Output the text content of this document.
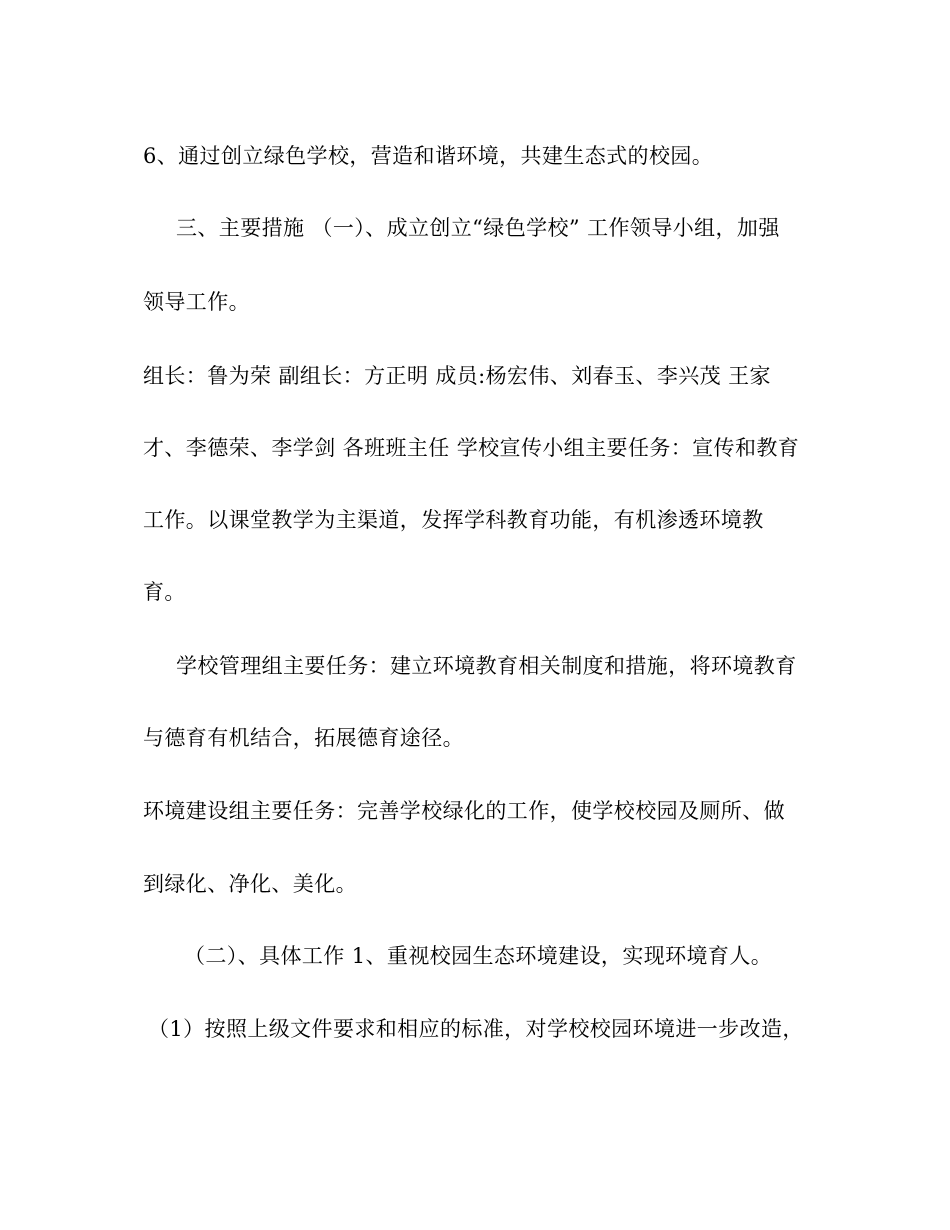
6、通过创立绿色学校，营造和谐环境，共建生态式的校园。
三、主要措施 （一）、成立创立“绿色学校” 工作领导小组，加强
领导工作。
组长：鲁为荣 副组长：方正明 成员:杨宏伟、刘春玉、李兴茂 王家
才、李德荣、李学剑 各班班主任 学校宣传小组主要任务：宣传和教育
工作。以课堂教学为主渠道，发挥学科教育功能，有机渗透环境教
育。
学校管理组主要任务：建立环境教育相关制度和措施，将环境教育
与德育有机结合，拓展德育途径。
环境建设组主要任务：完善学校绿化的工作，使学校校园及厕所、做
到绿化、净化、美化。
（二）、具体工作 1、重视校园生态环境建设，实现环境育人。
（1）按照上级文件要求和相应的标准，对学校校园环境进一步改造，
